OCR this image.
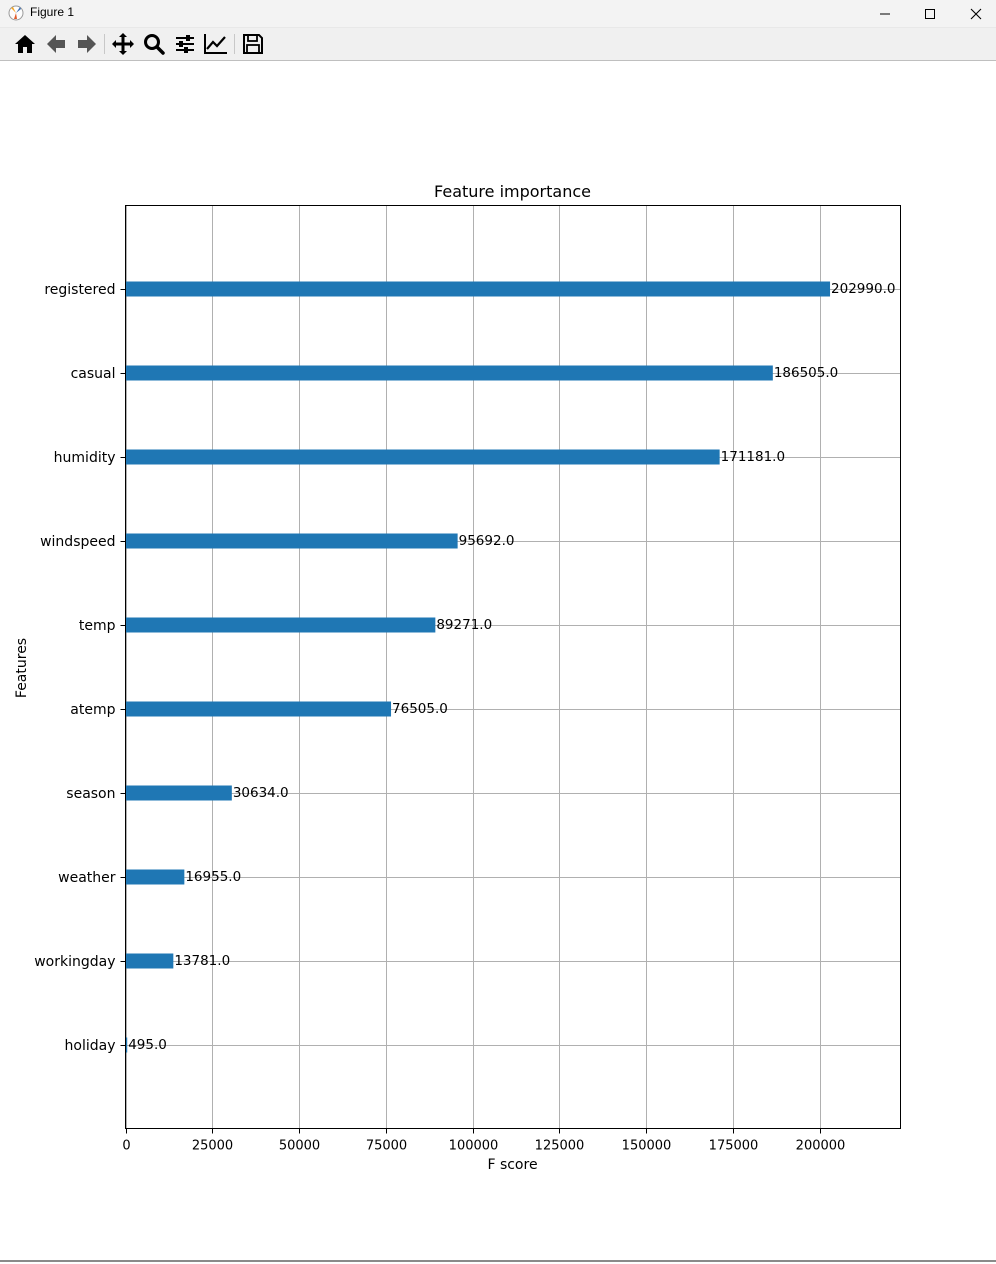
Figure 1
0	25000	50000	75000	100000	125000	150000	175000	200000
registered
casual
humidity
windspeed
temp
atemp
season
weather
workingday
holiday
202990.0
186505.0
171181.0
95692.0
89271.0
76505.0
30634.0
16955.0
13781.0
495.0
Feature importance
F score
Features
